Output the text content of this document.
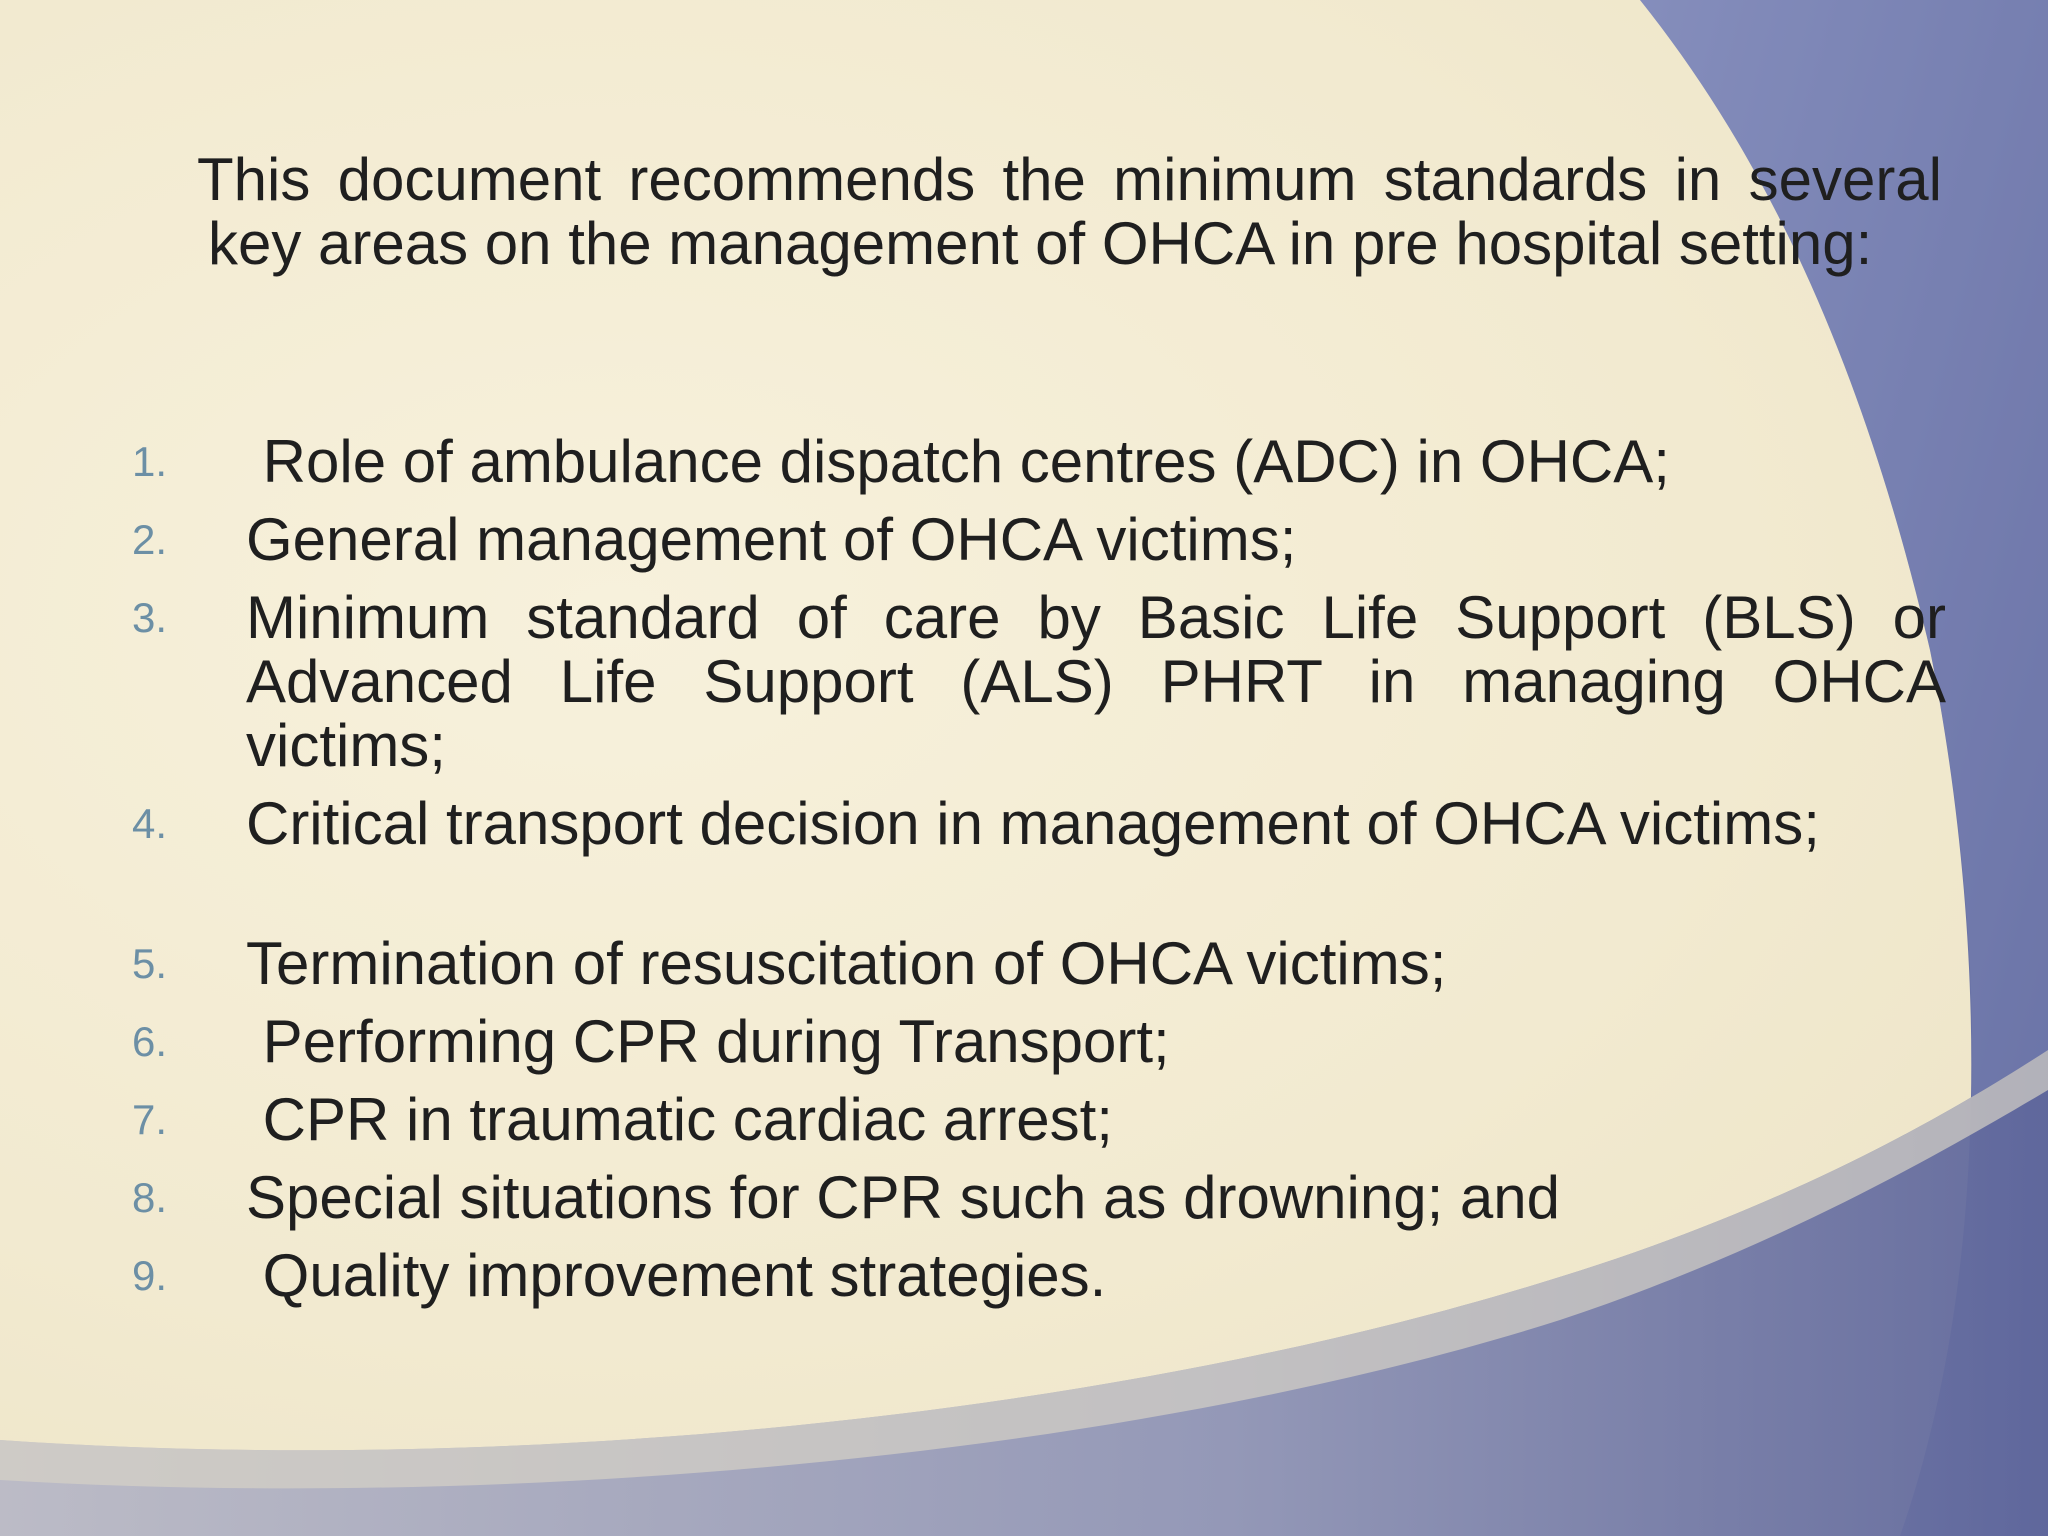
This document recommends the minimum standards in several key areas on the management of OHCA in pre hospital setting:

1.	Role of ambulance dispatch centres (ADC) in OHCA;
2.	General management of OHCA victims;
3.	Minimum standard of care by Basic Life Support (BLS) or Advanced Life Support (ALS) PHRT in managing OHCA victims;
4.	Critical transport decision in management of OHCA victims;
5.	Termination of resuscitation of OHCA victims;
6.	Performing CPR during Transport;
7.	CPR in traumatic cardiac arrest;
8.	Special situations for CPR such as drowning; and
9.	Quality improvement strategies.
